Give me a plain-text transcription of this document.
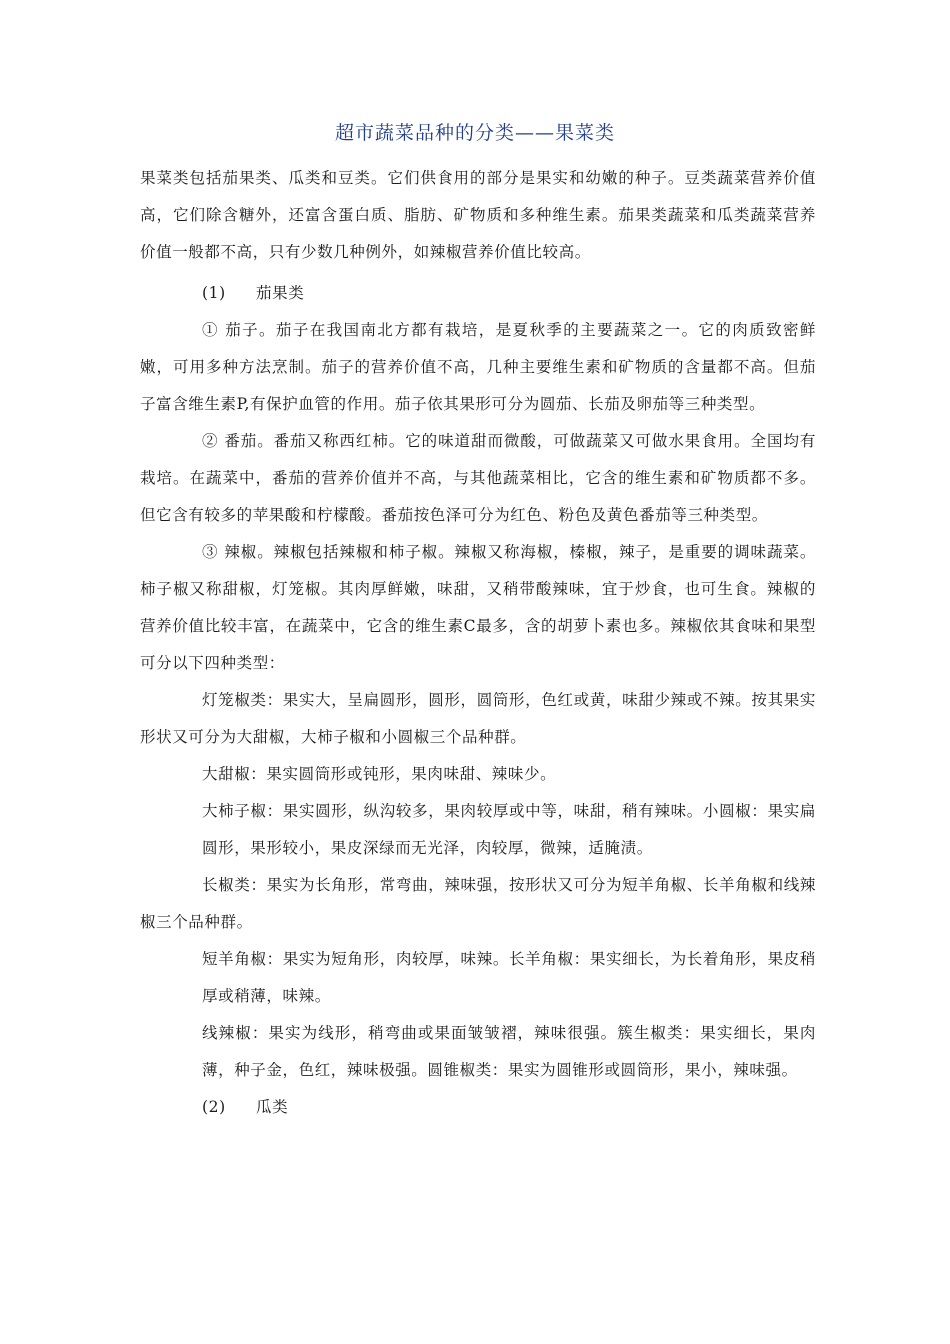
超市蔬菜品种的分类——果菜类

果菜类包括茄果类、瓜类和豆类。它们供食用的部分是果实和幼嫩的种子。豆类蔬菜营养价值高，它们除含糖外，还富含蛋白质、脂肪、矿物质和多种维生素。茄果类蔬菜和瓜类蔬菜营养价值一般都不高，只有少数几种例外，如辣椒营养价值比较高。

(1) 茄果类

① 茄子。茄子在我国南北方都有栽培，是夏秋季的主要蔬菜之一。它的肉质致密鲜嫩，可用多种方法烹制。茄子的营养价值不高，几种主要维生素和矿物质的含量都不高。但茄子富含维生素P,有保护血管的作用。茄子依其果形可分为圆茄、长茄及卵茄等三种类型。

② 番茄。番茄又称西红柿。它的味道甜而微酸，可做蔬菜又可做水果食用。全国均有栽培。在蔬菜中，番茄的营养价值并不高，与其他蔬菜相比，它含的维生素和矿物质都不多。但它含有较多的苹果酸和柠檬酸。番茄按色泽可分为红色、粉色及黄色番茄等三种类型。

③ 辣椒。辣椒包括辣椒和柿子椒。辣椒又称海椒，榛椒，辣子，是重要的调味蔬菜。柿子椒又称甜椒，灯笼椒。其肉厚鲜嫩，味甜，又稍带酸辣味，宜于炒食，也可生食。辣椒的营养价值比较丰富，在蔬菜中，它含的维生素C最多，含的胡萝卜素也多。辣椒依其食味和果型可分以下四种类型：

灯笼椒类：果实大，呈扁圆形，圆形，圆筒形，色红或黄，味甜少辣或不辣。按其果实形状又可分为大甜椒，大柿子椒和小圆椒三个品种群。

大甜椒：果实圆筒形或钝形，果肉味甜、辣味少。

大柿子椒：果实圆形，纵沟较多，果肉较厚或中等，味甜，稍有辣味。小圆椒：果实扁圆形，果形较小，果皮深绿而无光泽，肉较厚，微辣，适腌渍。

长椒类：果实为长角形，常弯曲，辣味强，按形状又可分为短羊角椒、长羊角椒和线辣椒三个品种群。

短羊角椒：果实为短角形，肉较厚，味辣。长羊角椒：果实细长，为长着角形，果皮稍厚或稍薄，味辣。

线辣椒：果实为线形，稍弯曲或果面皱皱褶，辣味很强。簇生椒类：果实细长，果肉薄，种子金，色红，辣味极强。圆锥椒类：果实为圆锥形或圆筒形，果小，辣味强。

(2) 瓜类
